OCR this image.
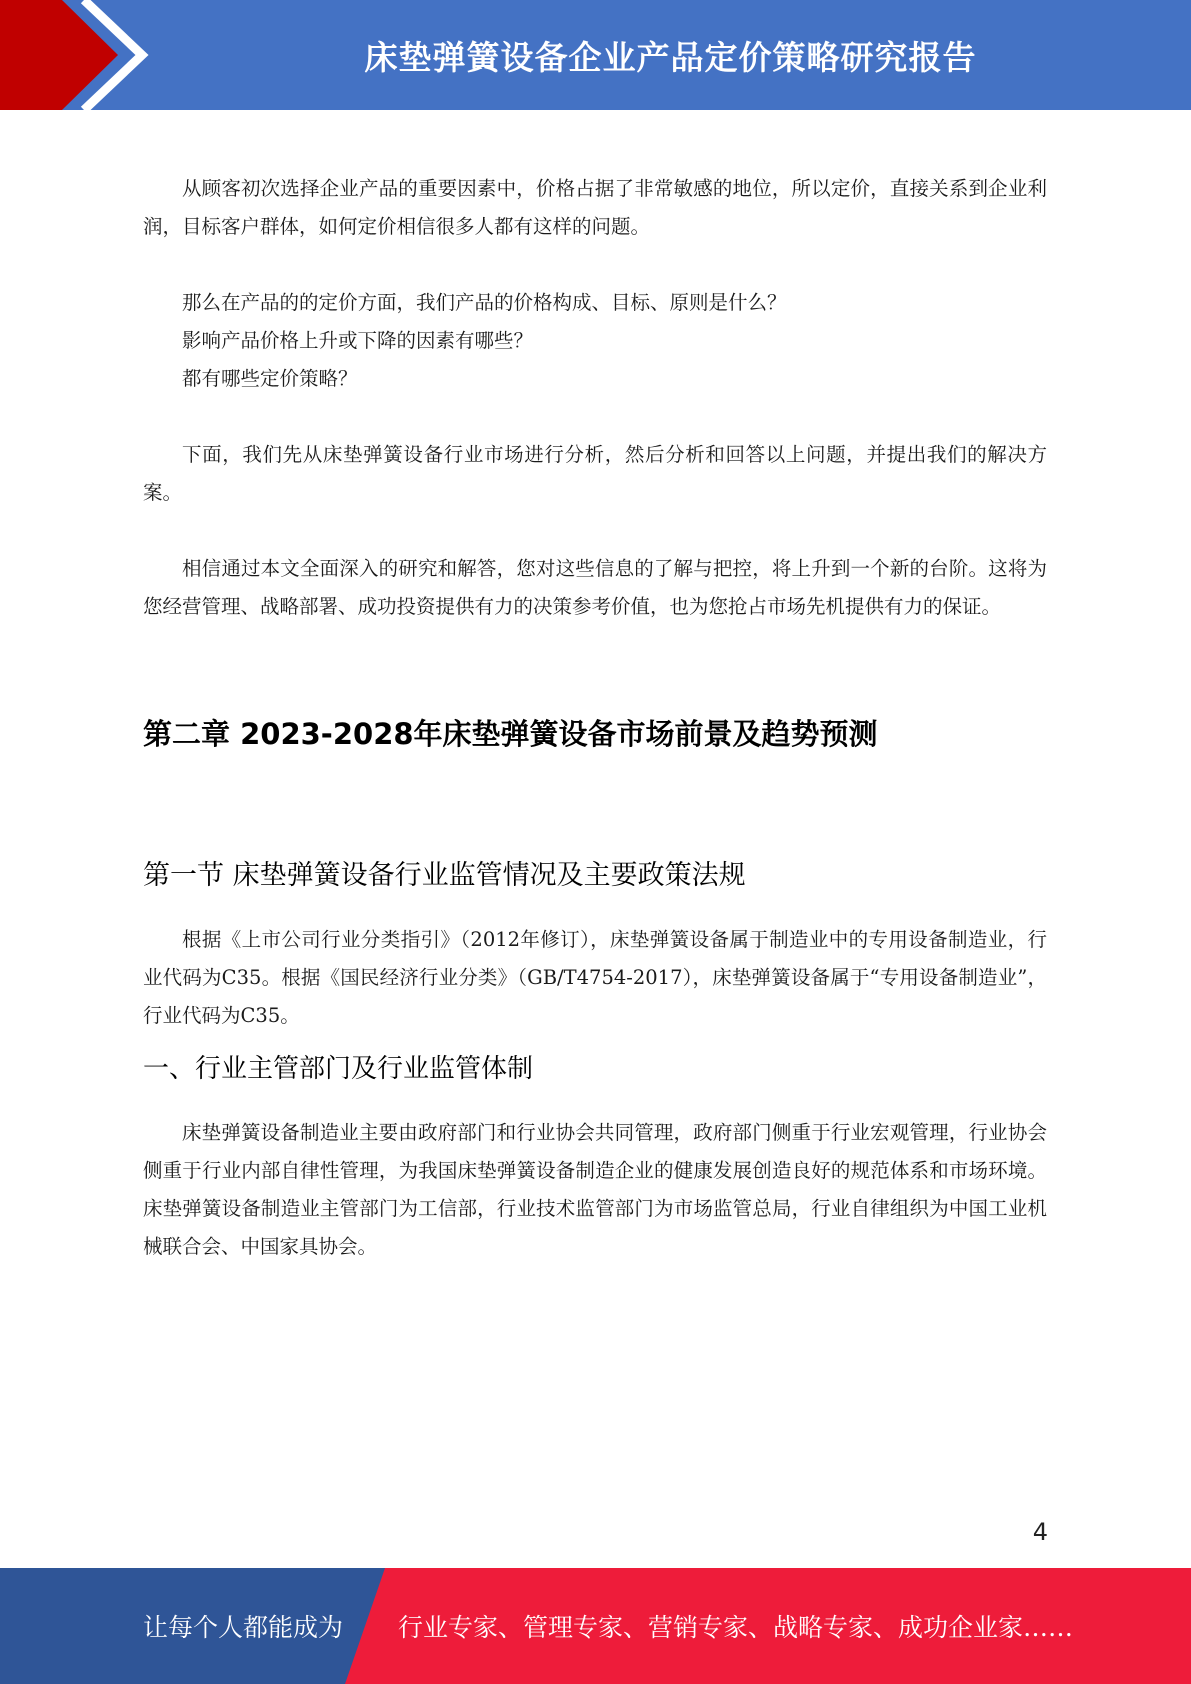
床垫弹簧设备企业产品定价策略研究报告

从顾客初次选择企业产品的重要因素中，价格占据了非常敏感的地位，所以定价，直接关系到企业利润，目标客户群体，如何定价相信很多人都有这样的问题。

那么在产品的的定价方面，我们产品的价格构成、目标、原则是什么？

影响产品价格上升或下降的因素有哪些？

都有哪些定价策略？

下面，我们先从床垫弹簧设备行业市场进行分析，然后分析和回答以上问题，并提出我们的解决方案。

相信通过本文全面深入的研究和解答，您对这些信息的了解与把控，将上升到一个新的台阶。这将为您经营管理、战略部署、成功投资提供有力的决策参考价值，也为您抢占市场先机提供有力的保证。

第二章 2023-2028年床垫弹簧设备市场前景及趋势预测
第一节 床垫弹簧设备行业监管情况及主要政策法规

根据《上市公司行业分类指引》（2012年修订），床垫弹簧设备属于制造业中的专用设备制造业，行业代码为C35。根据《国民经济行业分类》（GB/T4754-2017），床垫弹簧设备属于“专用设备制造业”，行业代码为C35。

一、行业主管部门及行业监管体制

床垫弹簧设备制造业主要由政府部门和行业协会共同管理，政府部门侧重于行业宏观管理，行业协会侧重于行业内部自律性管理，为我国床垫弹簧设备制造企业的健康发展创造良好的规范体系和市场环境。床垫弹簧设备制造业主管部门为工信部，行业技术监管部门为市场监管总局，行业自律组织为中国工业机械联合会、中国家具协会。

4
让每个人都能成为 行业专家、管理专家、营销专家、战略专家、成功企业家……
